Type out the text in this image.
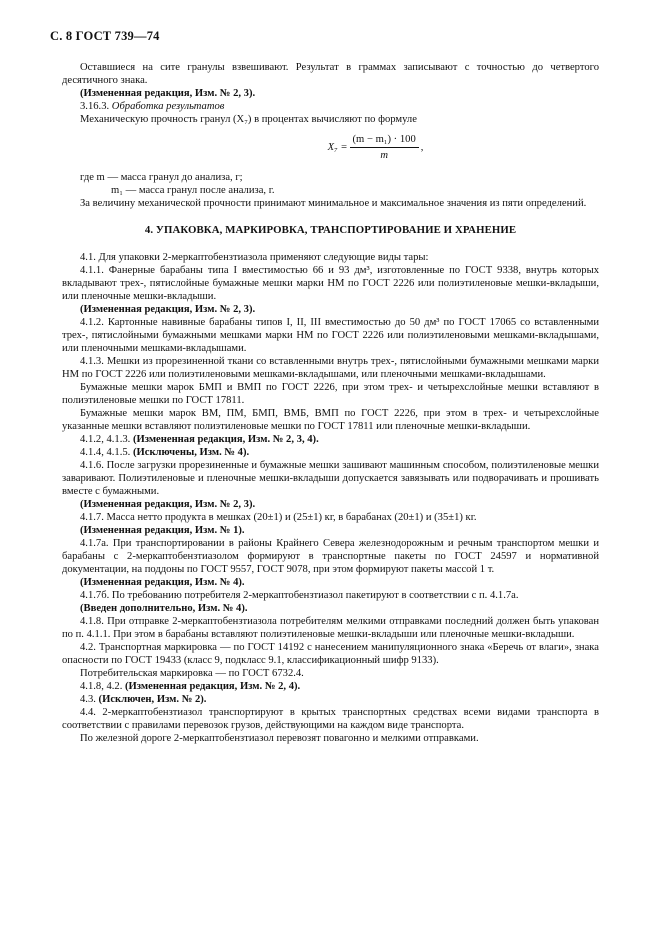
С. 8 ГОСТ 739—74

Оставшиеся на сите гранулы взвешивают. Результат в граммах записывают с точностью до четвертого десятичного знака.

(Измененная редакция, Изм. № 2, 3).

3.16.3. Обработка результатов

Механическую прочность гранул (X₇) в процентах вычисляют по формуле

$X_7 = \frac{\text{(m − m₁) · 100}}{m}$ ,

где m — масса гранул до анализа, г;

m₁ — масса гранул после анализа, г.

За величину механической прочности принимают минимальное и максимальное значения из пяти определений.

4. УПАКОВКА, МАРКИРОВКА, ТРАНСПОРТИРОВАНИЕ И ХРАНЕНИЕ

4.1. Для упаковки 2-меркаптобензтиазола применяют следующие виды тары:

4.1.1. Фанерные барабаны типа I вместимостью 66 и 93 дм³, изготовленные по ГОСТ 9338, внутрь которых вкладывают трех-, пятислойные бумажные мешки марки НМ по ГОСТ 2226 или полиэтиленовые мешки-вкладыши, или пленочные мешки-вкладыши.

(Измененная редакция, Изм. № 2, 3).

4.1.2. Картонные навивные барабаны типов I, II, III вместимостью до 50 дм³ по ГОСТ 17065 со вставленными трех-, пятислойными бумажными мешками марки НМ по ГОСТ 2226 или полиэтиленовыми мешками-вкладышами, или пленочными мешками-вкладышами.

4.1.3. Мешки из прорезиненной ткани со вставленными внутрь трех-, пятислойными бумажными мешками марки НМ по ГОСТ 2226 или полиэтиленовыми мешками-вкладышами, или пленочными мешками-вкладышами.

Бумажные мешки марок БМП и ВМП по ГОСТ 2226, при этом трех- и четырехслойные мешки вставляют в полиэтиленовые мешки по ГОСТ 17811.

Бумажные мешки марок ВМ, ПМ, БМП, ВМБ, ВМП по ГОСТ 2226, при этом в трех- и четырехслойные указанные мешки вставляют полиэтиленовые мешки по ГОСТ 17811 или пленочные мешки-вкладыши.

4.1.2, 4.1.3. (Измененная редакция, Изм. № 2, 3, 4).

4.1.4, 4.1.5. (Исключены, Изм. № 4).

4.1.6. После загрузки прорезиненные и бумажные мешки зашивают машинным способом, полиэтиленовые мешки заваривают. Полиэтиленовые и пленочные мешки-вкладыши допускается завязывать или подворачивать и прошивать вместе с бумажными.

(Измененная редакция, Изм. № 2, 3).

4.1.7. Масса нетто продукта в мешках (20±1) и (25±1) кг, в барабанах (20±1) и (35±1) кг.

(Измененная редакция, Изм. № 1).

4.1.7а. При транспортировании в районы Крайнего Севера железнодорожным и речным транспортом мешки и барабаны с 2-меркаптобензтиазолом формируют в транспортные пакеты по ГОСТ 24597 и нормативной документации, на поддоны по ГОСТ 9557, ГОСТ 9078, при этом формируют пакеты массой 1 т.

(Измененная редакция, Изм. № 4).

4.1.7б. По требованию потребителя 2-меркаптобензтиазол пакетируют в соответствии с п. 4.1.7а.

(Введен дополнительно, Изм. № 4).

4.1.8. При отправке 2-меркаптобензтиазола потребителям мелкими отправками последний должен быть упакован по п. 4.1.1. При этом в барабаны вставляют полиэтиленовые мешки-вкладыши или пленочные мешки-вкладыши.

4.2. Транспортная маркировка — по ГОСТ 14192 с нанесением манипуляционного знака «Беречь от влаги», знака опасности по ГОСТ 19433 (класс 9, подкласс 9.1, классификационный шифр 9133).

Потребительская маркировка — по ГОСТ 6732.4.

4.1.8, 4.2. (Измененная редакция, Изм. № 2, 4).

4.3. (Исключен, Изм. № 2).

4.4. 2-меркаптобензтиазол транспортируют в крытых транспортных средствах всеми видами транспорта в соответствии с правилами перевозок грузов, действующими на каждом виде транспорта.

По железной дороге 2-меркаптобензтиазол перевозят повагонно и мелкими отправками.
